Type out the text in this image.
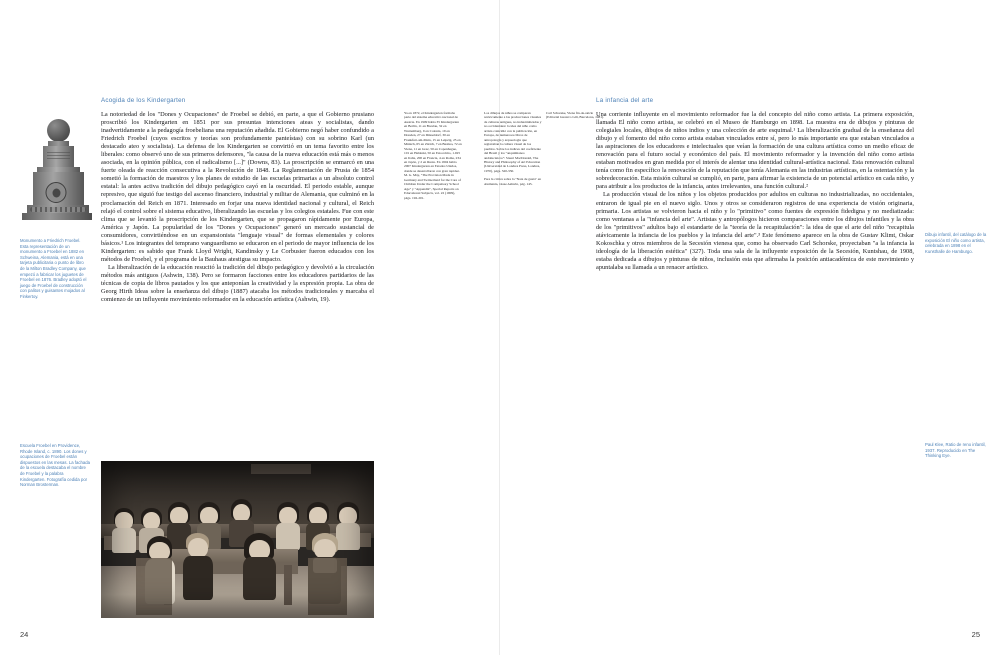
Monumento a Friedrich Froebel. Esta representación de un monumento a Froebel en 1882 en Schweina, Alemania, está en una tarjeta publicitaria o punto de libro de la Milton Bradley Company, que empezó a fabricar los juguetes de Froebel en 1876. Bradley adoptó el juego de Froebel de construcción con palitos y guisantes mojados al Finkertoy.
Escuela Froebel en Providence, Rhode Island, c. 1890. Los dones y ocupaciones de Froebel están dispuestos en las mesas. La fachada de la escuela destacaba el nombre de Froebel y la palabra Kindergarten. Fotografía cedida por Norman Brosterman.
Acogida de los Kindergarten

La notoriedad de los "Dones y Ocupaciones" de Froebel se debió, en parte, a que el Gobierno prusiano proscribió los Kindergarten en 1851 por sus presuntas intenciones ateas y socialistas, dando inadvertidamente a la pedagogía froebeliana una reputación añadida. El Gobierno negó haber confundido a Friedrich Froebel (cuyos escritos y teorías son profundamente panteístas) con su sobrino Karl (un destacado ateo y socialista). La defensa de los Kindergarten se convirtió en un tema favorito entre los liberales: como observó uno de sus primeros defensores, "la causa de la nueva educación está más o menos asociada, en la opinión pública, con el radicalismo [...]" (Downs, 83). La proscripción se enmarcó en una fuerte oleada de reacción consecutiva a la Revolución de 1848. La Reglamentación de Prusia de 1854 sometió la formación de maestros y los planes de estudio de las escuelas primarias a un absoluto control estatal: la antes activa tradición del dibujo pedagógico cayó en la oscuridad. El periodo estable, aunque represivo, que siguió fue testigo del ascenso financiero, industrial y militar de Alemania, que culminó en la proclamación del Reich en 1871. Interesado en forjar una nueva identidad nacional y cultural, el Reich relajó el control sobre el sistema educativo, liberalizando las escuelas y los colegios estatales. Fue con este clima que se levantó la proscripción de los Kindergarten, que se propagaron rápidamente por Europa, América y Japón. La popularidad de los "Dones y Ocupaciones" generó un mercado sustancial de consumidores, convirtiéndose en un expansionista "lenguaje visual" de formas elementales y colores básicos.¹ Los integrantes del temprano vanguardismo se educaron en el periodo de mayor influencia de los Kindergarten: es sabido que Frank Lloyd Wright, Kandinsky y Le Corbusier fueron educados con los métodos de Froebel, y el programa de la Bauhaus atestigua su impacto.

La liberalización de la educación resucitó la tradición del dibujo pedagógico y devolvió a la circulación métodos más antiguos (Ashwin, 138). Pero se formaron facciones entre los educadores partidarios de las técnicas de copia de libros pautados y los que anteponían la creatividad y la expresión propia. La obra de Georg Hirth Ideas sobre la enseñanza del dibujo (1887) atacaba los métodos tradicionales y marcaba el comienzo de un influyente movimiento reformador en la educación artística (Ashwin, 19).

Ya en 1872, el Kindergarten formaba parte del sistema educativo nacional de Austria. En 1909 había 35 Kindergarten en Berlín, 11 en Breslau, 32 en Wurtemberg, 9 en Colonia, 19 en Dresden, 27 en Düsseldorf, 30 en Frankfurt-am-Main, 15 en Leipzig, 25 en Múnich, 65 en Zúrich, 7 en Basilea, 72 en Viena, 11 en Graz, 50 en Copenhague, 101 en Helsinki, 50 en Estocolmo, 1.025 en Italia, 200 en Francia, 4 en Roma, 234 en Japón, y 2 en Rusia. En 1904 había 2007 Kindergarten en Estados Unidos, donde se desarrollaron con gran rapidez. M. G. May, "The Provision Made in Germany and Switzerland for the Care of Children Under the Compulsory School Age" y "Appendix", Special Reports on Educational Subjects, vol. 22 (1909), págs. 192-201.

24

Los dibujos de niños se comparan retóricamente a las producciones visuales de culturas antiguas, no industrializadas y no occidentales: la idea del niño como artista coincidió con la publicación, en Europa, de numerosos libros de antropología y arqueología que registraban la cultura visual de los pueblos. Sobre los índices del coeficiente del Brasil y los "anquimianos andalucíaicos": Stuart MacDonald, The History and Philosophy of Art Education (Universidad de Londres Press, Londres, 1970), págs. 320-330.

Para la crítica sobre la "Nata de gusta" en Alemania, véase Ashwin, pág. 145.

Carl Schorske, Viena fin-de-siècle (Editorial Gustavo Gili, Barcelona, 1981).

La infancia del arte

Una corriente influyente en el movimiento reformador fue la del concepto del niño como artista. La primera exposición, llamada El niño como artista, se celebró en el Museo de Hamburgo en 1898. La muestra era de dibujos y pinturas de colegiales locales, dibujos de niños indios y una colección de arte esquimal.¹ La liberalización gradual de la enseñanza del dibujo y el fomento del niño como artista estaban vinculados entre sí, pero lo más importante era que estaban vinculados a las aspiraciones de los educadores e intelectuales que veían la formación de una cultura artística como un medio eficaz de renovación para el futuro social y económico del país. El movimiento reformador y la invención del niño como artista estaban motivados en gran medida por el interés de alentar una identidad cultural-artística nacional. Esta renovación cultural tenía como fin específico la renovación de la reputación que tenía Alemania en las industrias artísticas, en la ostentación y la sobredecoración. Esta misión cultural se cumplió, en parte, para afirmar la existencia de un potencial artístico en cada niño, y para atribuir a los productos de la infancia, antes irrelevantes, una función cultural.²

La producción visual de los niños y los objetos producidos por adultos en culturas no industrializadas, no occidentales, entraron de igual pie en el nuevo siglo. Unos y otros se consideraron registros de una experiencia de visión originaria, primaria. Los artistas se volvieron hacia el niño y lo "primitivo" como fuentes de expresión fidedigna y no mediatizada: como ventanas a la "infancia del arte". Artistas y antropólogos hicieron comparaciones entre los dibujos infantiles y la obra de los "primitivos" adultos bajo el estandarte de la "teoría de la recapitulación": la idea de que el arte del niño "recapitula atávicamente la infancia de los pueblos y la infancia del arte".³ Este fenómeno aparece en la obra de Gustav Klimt, Oskar Kokoschka y otros miembros de la Secesión vienesa que, como ha observado Carl Schorske, proyectaban "a la infancia la ideología de la liberación estética" (327). Toda una sala de la influyente exposición de la Secesión, Kuntshau, de 1908, estaba dedicada a dibujos y pinturas de niños, inclusión esta que afirmaba la posición antiacadémica de este movimiento y apuntalaba su llamada a un renacer artístico.

Dibujo infantil, del catálogo de la exposición El niño como artista, celebrada en 1898 en el Kunsthalle de Hamburgo.
Paul Klee, Ratio de reno infantil, 1937. Reproducido en The Thinking Eye.
25
